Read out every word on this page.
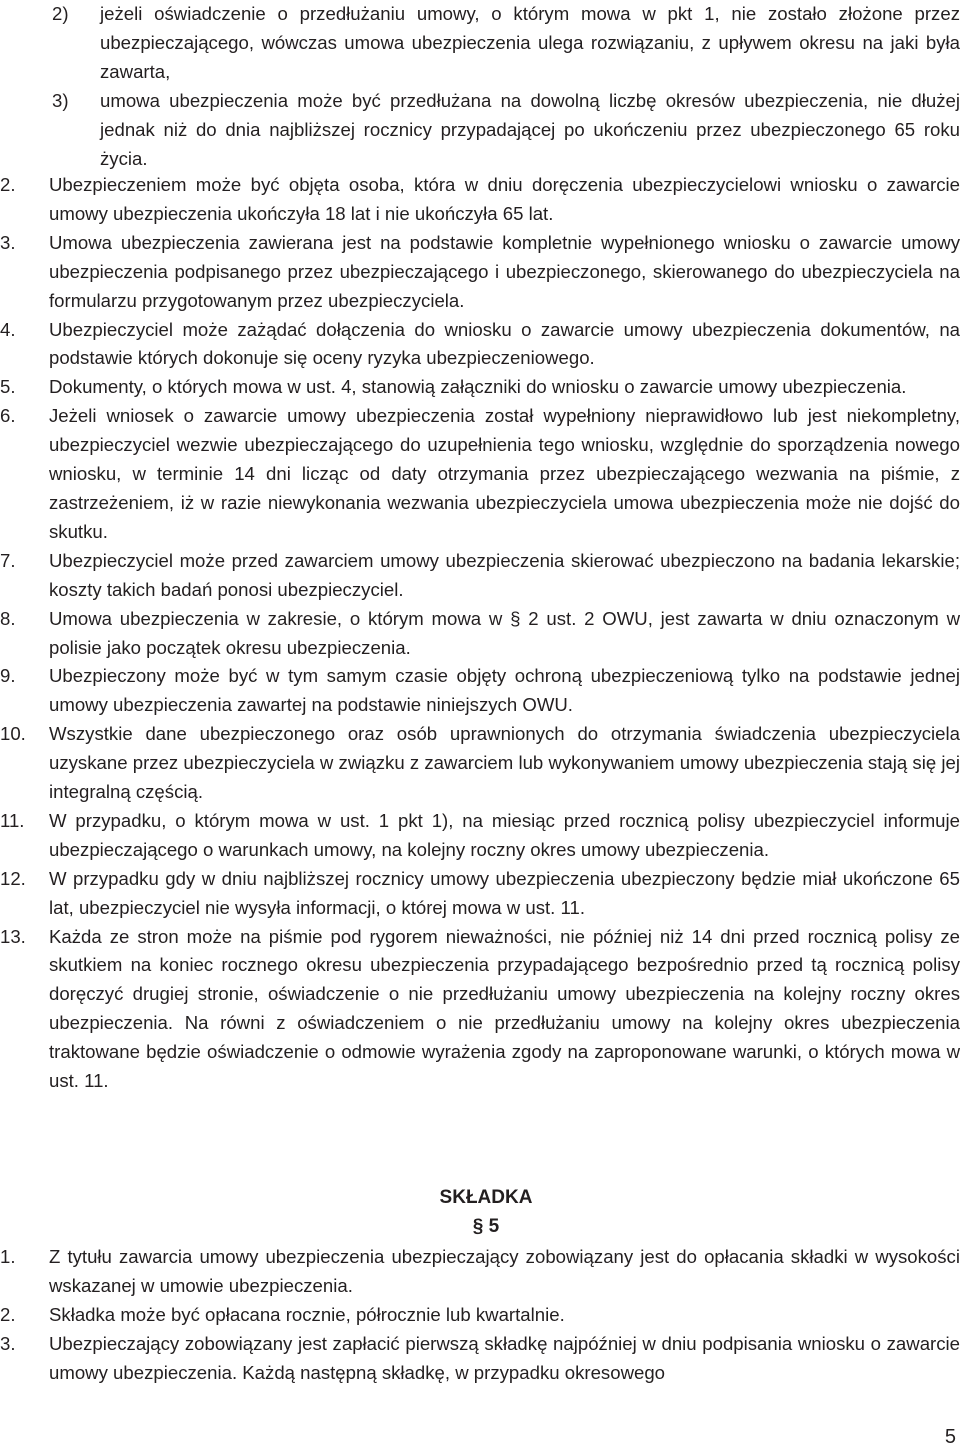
2) jeżeli oświadczenie o przedłużaniu umowy, o którym mowa w pkt 1, nie zostało złożone przez ubezpieczającego, wówczas umowa ubezpieczenia ulega rozwiązaniu, z upływem okresu na jaki była zawarta,
3) umowa ubezpieczenia może być przedłużana na dowolną liczbę okresów ubezpieczenia, nie dłużej jednak niż do dnia najbliższej rocznicy przypadającej po ukończeniu przez ubezpieczonego 65 roku życia.
2. Ubezpieczeniem może być objęta osoba, która w dniu doręczenia ubezpieczycielowi wniosku o zawarcie umowy ubezpieczenia ukończyła 18 lat i nie ukończyła 65 lat.
3. Umowa ubezpieczenia zawierana jest na podstawie kompletnie wypełnionego wniosku o zawarcie umowy ubezpieczenia podpisanego przez ubezpieczającego i ubezpieczonego, skierowanego do ubezpieczyciela na formularzu przygotowanym przez ubezpieczyciela.
4. Ubezpieczyciel może zażądać dołączenia do wniosku o zawarcie umowy ubezpieczenia dokumentów, na podstawie których dokonuje się oceny ryzyka ubezpieczeniowego.
5. Dokumenty, o których mowa w ust. 4, stanowią załączniki do wniosku o zawarcie umowy ubezpieczenia.
6. Jeżeli wniosek o zawarcie umowy ubezpieczenia został wypełniony nieprawidłowo lub jest niekompletny, ubezpieczyciel wezwie ubezpieczającego do uzupełnienia tego wniosku, względnie do sporządzenia nowego wniosku, w terminie 14 dni licząc od daty otrzymania przez ubezpieczającego wezwania na piśmie, z zastrzeżeniem, iż w razie niewykonania wezwania ubezpieczyciela umowa ubezpieczenia może nie dojść do skutku.
7. Ubezpieczyciel może przed zawarciem umowy ubezpieczenia skierować ubezpieczono na badania lekarskie; koszty takich badań ponosi ubezpieczyciel.
8. Umowa ubezpieczenia w zakresie, o którym mowa w § 2 ust. 2 OWU, jest zawarta w dniu oznaczonym w polisie jako początek okresu ubezpieczenia.
9. Ubezpieczony może być w tym samym czasie objęty ochroną ubezpieczeniową tylko na podstawie jednej umowy ubezpieczenia zawartej na podstawie niniejszych OWU.
10. Wszystkie dane ubezpieczonego oraz osób uprawnionych do otrzymania świadczenia ubezpieczyciela uzyskane przez ubezpieczyciela w związku z zawarciem lub wykonywaniem umowy ubezpieczenia stają się jej integralną częścią.
11. W przypadku, o którym mowa w ust. 1 pkt 1), na miesiąc przed rocznicą polisy ubezpieczyciel informuje ubezpieczającego o warunkach umowy, na kolejny roczny okres umowy ubezpieczenia.
12. W przypadku gdy w dniu najbliższej rocznicy umowy ubezpieczenia ubezpieczony będzie miał ukończone 65 lat, ubezpieczyciel nie wysyła informacji, o której mowa w ust. 11.
13. Każda ze stron może na piśmie pod rygorem nieważności, nie później niż 14 dni przed rocznicą polisy ze skutkiem na koniec rocznego okresu ubezpieczenia przypadającego bezpośrednio przed tą rocznicą polisy doręczyć drugiej stronie, oświadczenie o nie przedłużaniu umowy ubezpieczenia na kolejny roczny okres ubezpieczenia. Na równi z oświadczeniem o nie przedłużaniu umowy na kolejny okres ubezpieczenia traktowane będzie oświadczenie o odmowie wyrażenia zgody na zaproponowane warunki, o których mowa w ust. 11.
SKŁADKA
§ 5
1. Z tytułu zawarcia umowy ubezpieczenia ubezpieczający zobowiązany jest do opłacania składki w wysokości wskazanej w umowie ubezpieczenia.
2. Składka może być opłacana rocznie, półrocznie lub kwartalnie.
3. Ubezpieczający zobowiązany jest zapłacić pierwszą składkę najpóźniej w dniu podpisania wniosku o zawarcie umowy ubezpieczenia. Każdą następną składkę, w przypadku okresowego
5
